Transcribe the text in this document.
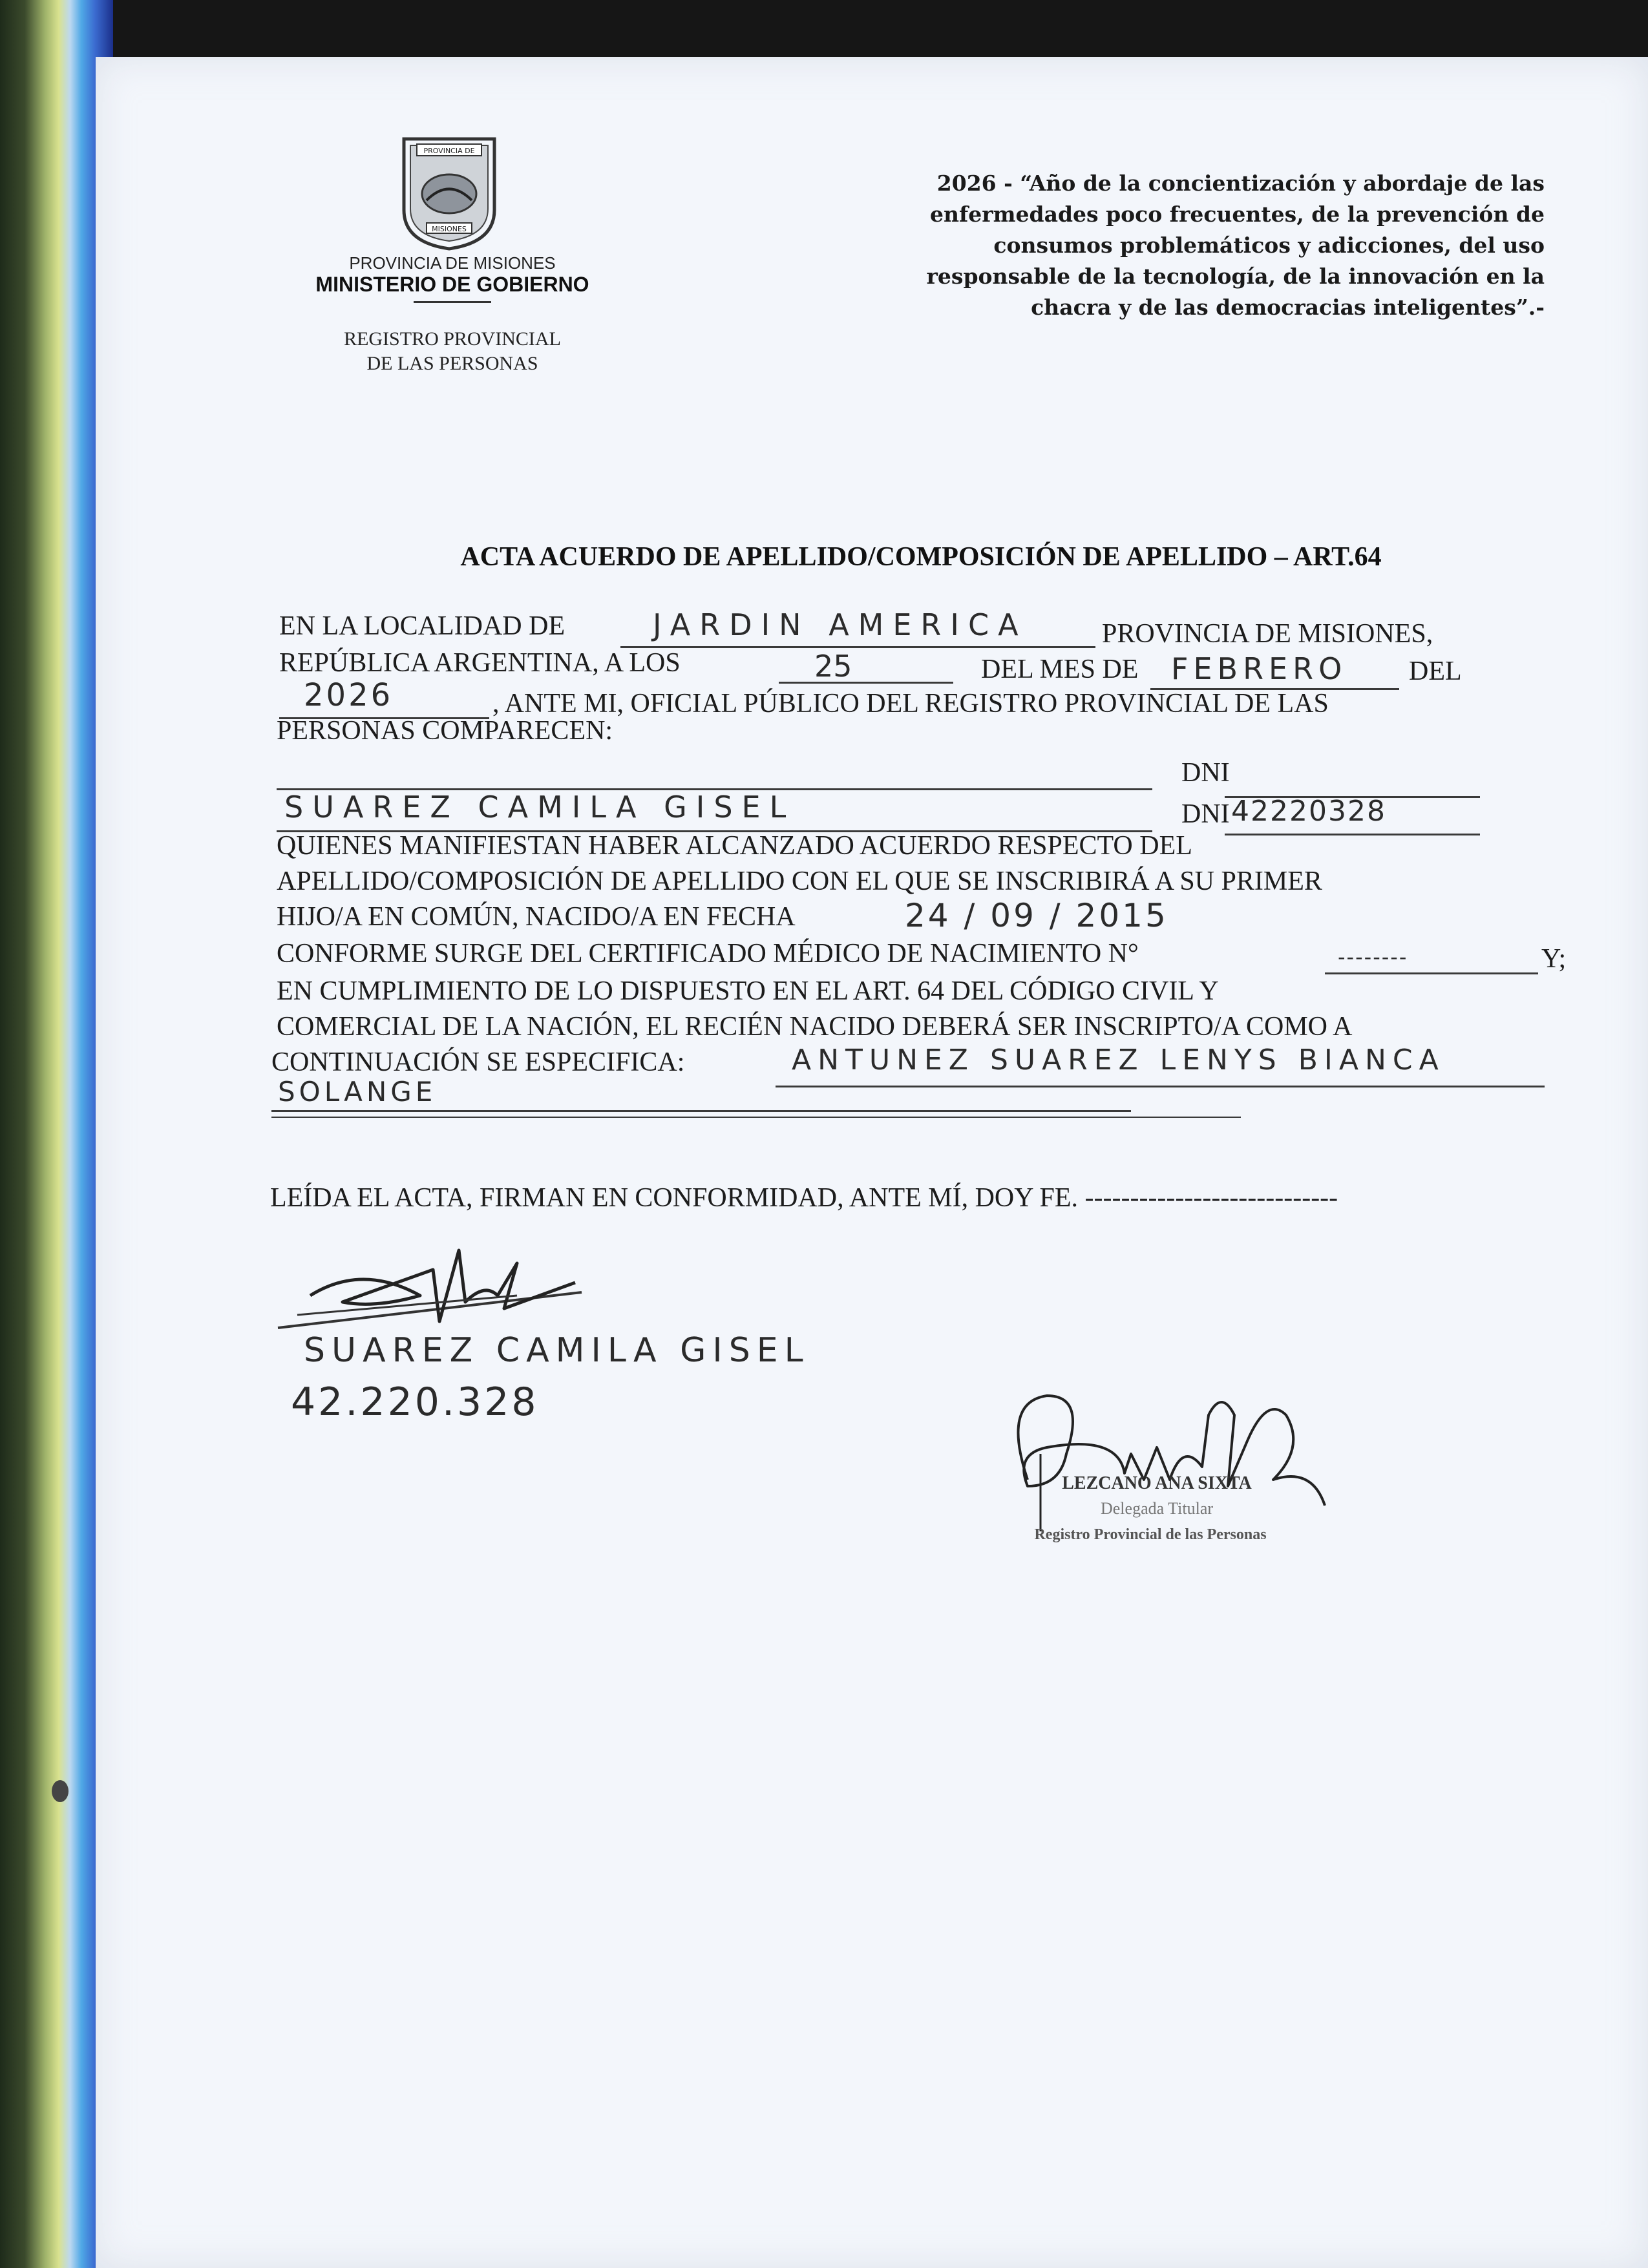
PROVINCIA DE
MISIONES
PROVINCIA DE MISIONES
MINISTERIO DE GOBIERNO
REGISTRO PROVINCIAL
DE LAS PERSONAS
2026 - “Año de la concientización y abordaje de las
enfermedades poco frecuentes, de la prevención de
consumos problemáticos y adicciones, del uso
responsable de la tecnología, de la innovación en la
chacra y de las democracias inteligentes”.-
ACTA ACUERDO DE APELLIDO/COMPOSICIÓN DE APELLIDO – ART.64
EN LA LOCALIDAD DE	JARDIN AMERICA	PROVINCIA DE MISIONES,
REPÚBLICA ARGENTINA, A LOS	25	DEL MES DE FEBRERO DEL
2026	, ANTE MI, OFICIAL PÚBLICO DEL REGISTRO PROVINCIAL DE LAS
PERSONAS COMPARECEN:
DNI
SUAREZ CAMILA GISEL	DNI 42220328
QUIENES MANIFIESTAN HABER ALCANZADO ACUERDO RESPECTO DEL
APELLIDO/COMPOSICIÓN DE APELLIDO CON EL QUE SE INSCRIBIRÁ A SU PRIMER
HIJO/A EN COMÚN, NACIDO/A EN FECHA	24 / 09 / 2015
CONFORME SURGE DEL CERTIFICADO MÉDICO DE NACIMIENTO N°	--------	Y;
EN CUMPLIMIENTO DE LO DISPUESTO EN EL ART. 64 DEL CÓDIGO CIVIL Y
COMERCIAL DE LA NACIÓN, EL RECIÉN NACIDO DEBERÁ SER INSCRIPTO/A COMO A
CONTINUACIÓN SE ESPECIFICA:	ANTUNEZ SUAREZ LENYS BIANCA
SOLANGE
LEÍDA EL ACTA, FIRMAN EN CONFORMIDAD, ANTE MÍ, DOY FE. ----------------------------
SUAREZ CAMILA GISEL
42.220.328
LEZCANO ANA SIXTA
Delegada Titular
Registro Provincial de las Personas
